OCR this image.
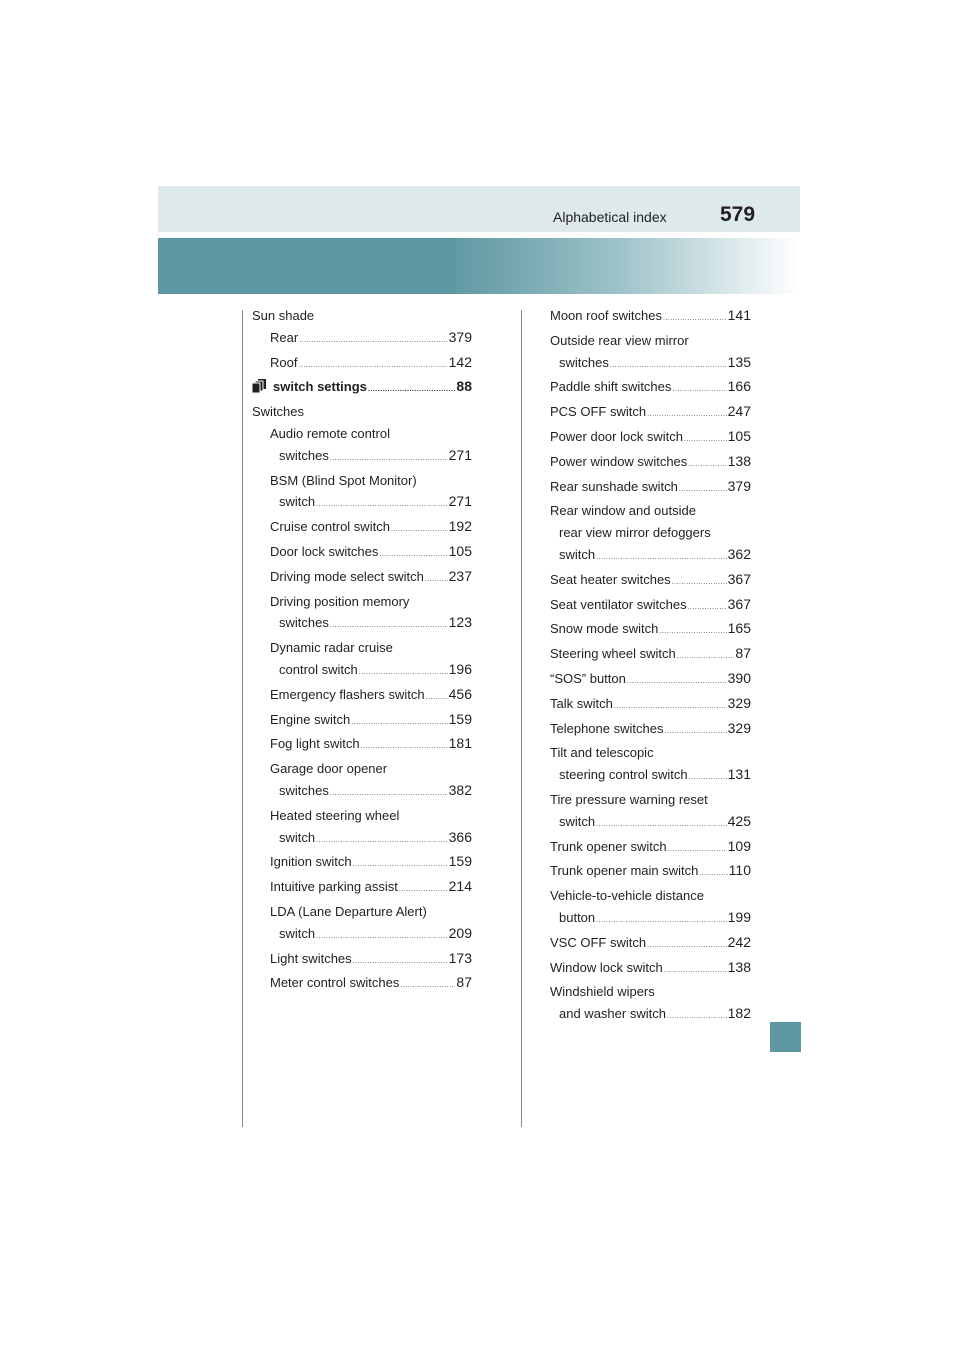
Alphabetical index	579
Sun shade
Rear .....	379
Roof .....	142
switch settings .....	88
Switches
Audio remote control
switches .....	271
BSM (Blind Spot Monitor)
switch .....	271
Cruise control switch .....	192
Door lock switches .....	105
Driving mode select switch ..... 237
Driving position memory
switches .....	123
Dynamic radar cruise
control switch .....	196
Emergency flashers switch ..... 456
Engine switch .....	159
Fog light switch .....	181
Garage door opener
switches .....	382
Heated steering wheel
switch .....	366
Ignition switch .....	159
Intuitive parking assist .....	214
LDA (Lane Departure Alert)
switch .....	209
Light switches .....	173
Meter control switches .....	87
Moon roof switches .....	141
Outside rear view mirror
switches .....	135
Paddle shift switches .....	166
PCS OFF switch .....	247
Power door lock switch .....	105
Power window switches .....	138
Rear sunshade switch .....	379
Rear window and outside
rear view mirror defoggers
switch .....	362
Seat heater switches .....	367
Seat ventilator switches .....	367
Snow mode switch .....	165
Steering wheel switch .....	87
“SOS” button .....	390
Talk switch .....	329
Telephone switches .....	329
Tilt and telescopic
steering control switch .....	131
Tire pressure warning reset
switch .....	425
Trunk opener switch .....	109
Trunk opener main switch ..... 110
Vehicle-to-vehicle distance
button .....	199
VSC OFF switch .....	242
Window lock switch .....	138
Windshield wipers
and washer switch .....	182
